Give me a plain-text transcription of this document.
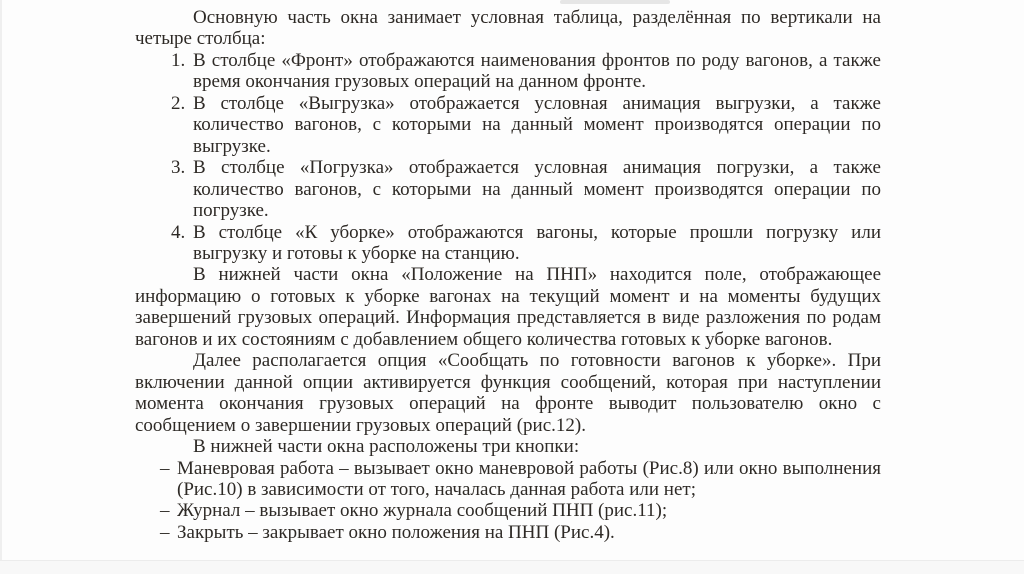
Основную часть окна занимает условная таблица, разделённая по вертикали на четыре столбца:

1. В столбце «Фронт» отображаются наименования фронтов по роду вагонов, а также время окончания грузовых операций на данном фронте.
2. В столбце «Выгрузка» отображается условная анимация выгрузки, а также количество вагонов, с которыми на данный момент производятся операции по выгрузке.
3. В столбце «Погрузка» отображается условная анимация погрузки, а также количество вагонов, с которыми на данный момент производятся операции по погрузке.
4. В столбце «К уборке» отображаются вагоны, которые прошли погрузку или выгрузку и готовы к уборке на станцию.

В нижней части окна «Положение на ПНП» находится поле, отображающее информацию о готовых к уборке вагонах на текущий момент и на моменты будущих завершений грузовых операций. Информация представляется в виде разложения по родам вагонов и их состояниям с добавлением общего количества готовых к уборке вагонов.

Далее располагается опция «Сообщать по готовности вагонов к уборке». При включении данной опции активируется функция сообщений, которая при наступлении момента окончания грузовых операций на фронте выводит пользователю окно с сообщением о завершении грузовых операций (рис.12).

В нижней части окна расположены три кнопки:

– Маневровая работа – вызывает окно маневровой работы (Рис.8) или окно выполнения (Рис.10) в зависимости от того, началась данная работа или нет;
– Журнал – вызывает окно журнала сообщений ПНП (рис.11);
– Закрыть – закрывает окно положения на ПНП (Рис.4).
